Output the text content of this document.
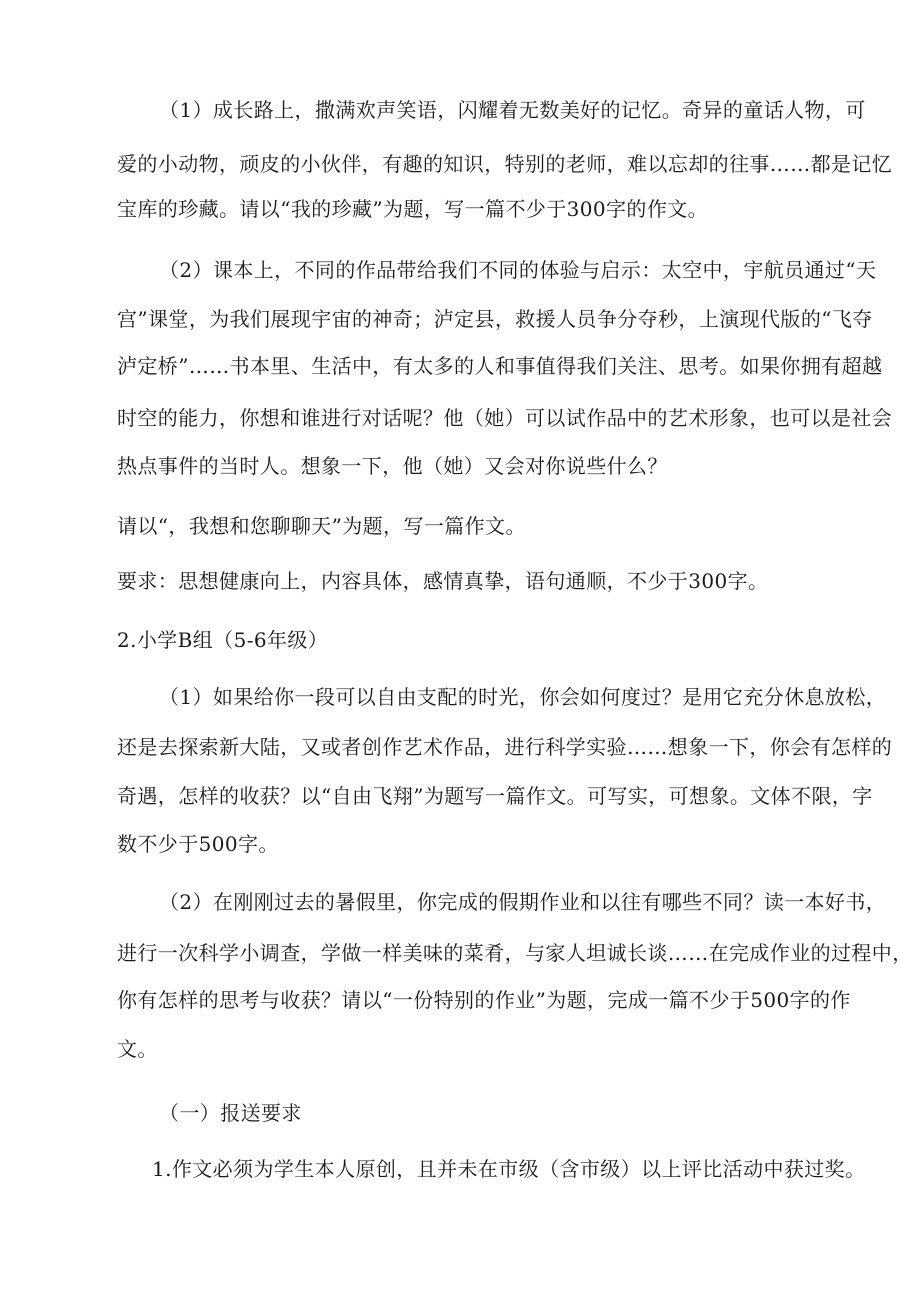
（1）成长路上，撒满欢声笑语，闪耀着无数美好的记忆。奇异的童话人物，可
爱的小动物，顽皮的小伙伴，有趣的知识，特别的老师，难以忘却的往事……都是记忆
宝库的珍藏。请以“我的珍藏”为题，写一篇不少于300字的作文。
（2）课本上，不同的作品带给我们不同的体验与启示：太空中，宇航员通过“天
宫”课堂，为我们展现宇宙的神奇；泸定县，救援人员争分夺秒，上演现代版的“飞夺
泸定桥”……书本里、生活中，有太多的人和事值得我们关注、思考。如果你拥有超越
时空的能力，你想和谁进行对话呢？他（她）可以试作品中的艺术形象，也可以是社会
热点事件的当时人。想象一下，他（她）又会对你说些什么？
请以“，我想和您聊聊天”为题，写一篇作文。
要求：思想健康向上，内容具体，感情真挚，语句通顺，不少于300字。
2.小学B组（5-6年级）
（1）如果给你一段可以自由支配的时光，你会如何度过？是用它充分休息放松，
还是去探索新大陆，又或者创作艺术作品，进行科学实验……想象一下，你会有怎样的
奇遇，怎样的收获？以“自由飞翔”为题写一篇作文。可写实，可想象。文体不限，字
数不少于500字。
（2）在刚刚过去的暑假里，你完成的假期作业和以往有哪些不同？读一本好书，
进行一次科学小调查，学做一样美味的菜肴，与家人坦诚长谈……在完成作业的过程中，
你有怎样的思考与收获？请以“一份特别的作业”为题，完成一篇不少于500字的作
文。
（一）报送要求
1.作文必须为学生本人原创，且并未在市级（含市级）以上评比活动中获过奖。
